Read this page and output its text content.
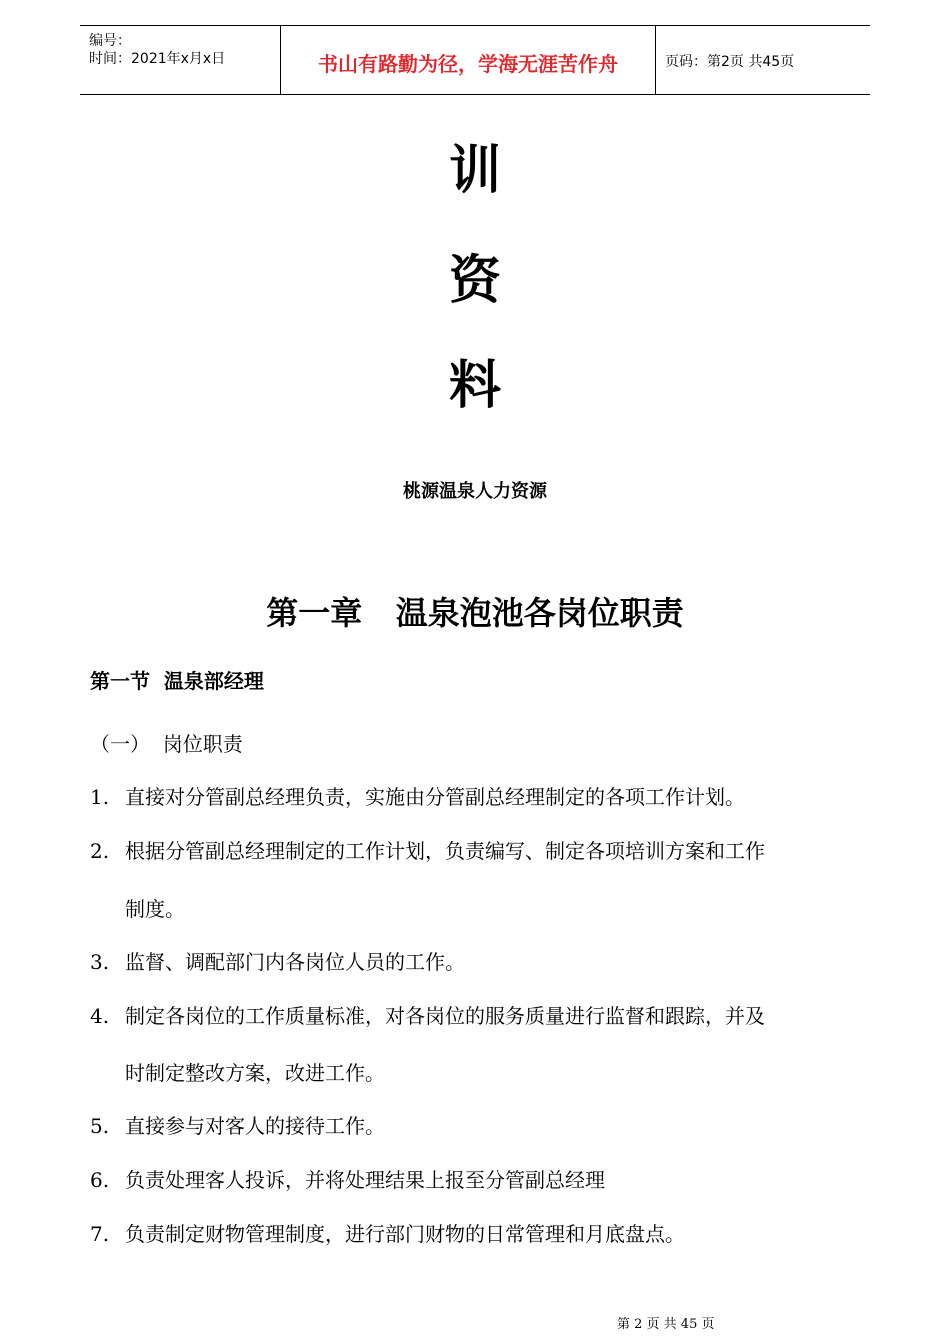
编号：
时间：2021年x月x日	书山有路勤为径，学海无涯苦作舟	页码：第2页 共45页
训
资
料
桃源温泉人力资源
第一章   温泉泡池各岗位职责
第一节  温泉部经理
（一）  岗位职责
1. 直接对分管副总经理负责，实施由分管副总经理制定的各项工作计划。
2. 根据分管副总经理制定的工作计划，负责编写、制定各项培训方案和工作
制度。
3. 监督、调配部门内各岗位人员的工作。
4. 制定各岗位的工作质量标准，对各岗位的服务质量进行监督和跟踪，并及
时制定整改方案，改进工作。
5. 直接参与对客人的接待工作。
6. 负责处理客人投诉，并将处理结果上报至分管副总经理
7. 负责制定财物管理制度，进行部门财物的日常管理和月底盘点。
第 2 页 共 45 页
